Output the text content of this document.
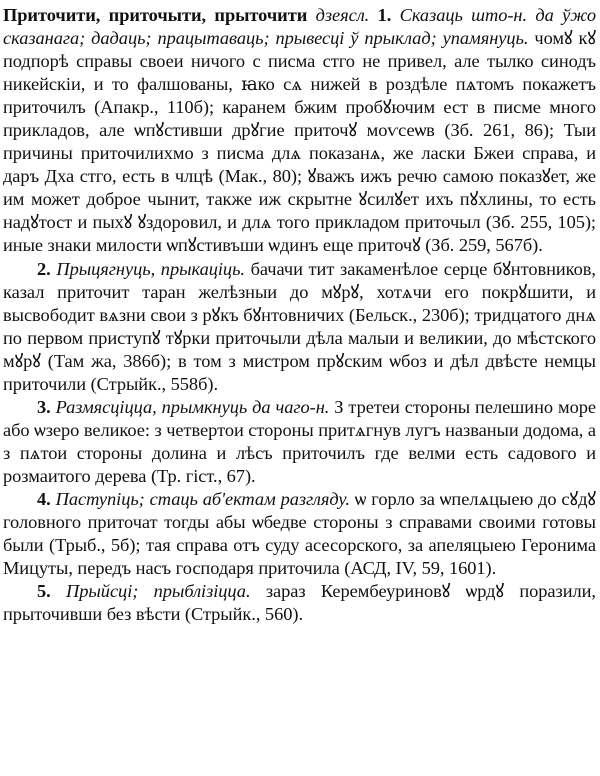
Приточити, приточыти, прыточити дзеясл. 1. Сказаць што-н. да ўжо сказанага; дадаць; працытаваць; прывесці ў прыклад; упамянуць. чомꙋ кꙋ подпорѣ справы своеи ничого с писма стго не привел, але тылко синодъ никейскіи, и то фалшованы, ꙗко сѧ нижей в роздѣле пѧтомъ покажетъ приточилъ (Апакр., 110б); каранем бжим пробꙋючим ест в писме много прикладов, але ѡпꙋстивши дрꙋгие приточꙋ моѵсеѡв (Зб. 261, 86); Тыи причины приточилихмо з писма длѧ показанѧ, же ласки Бжеи справа, и даръ Дха стго, есть в члцѣ (Мак., 80); ꙋважъ ижъ речю самою показꙋет, же им может доброе чынит, также иж скрытне ꙋсилꙋет ихъ пꙋхлины, то есть надꙋтост и пыхꙋ ꙋздоровил, и длѧ того прикладом приточыл (Зб. 255, 105); иные знаки милости ѡпꙋстивъши ѡдинъ еще приточꙋ (Зб. 259, 567б).

2. Прыцягнуць, прыкаціць. бачачи тит закаменѣлое серце бꙋнтовников, казал приточит таран желѣзныи до мꙋрꙋ, хотѧчи его покрꙋшити, и высвободит вѧзни свои з рꙋкъ бꙋнтовничих (Бельск., 230б); тридцатого днѧ по первом приступꙋ тꙋрки приточыли дѣла малыи и великии, до мѣстского мꙋрꙋ (Там жа, 386б); в том з мистром прꙋским ѡбоз и дѣл двѣсте немцы приточили (Стрыйк., 558б).

3. Размясціцца, прымкнуць да чаго-н. З третеи стороны пелешино море або ѡзеро великое: з четвертои стороны притѧгнув лугъ названыи додома, а з пѧтои стороны долина и лѣсъ приточилъ где велми есть садового и розмаитого дерева (Тр. гіст., 67).

4. Паступіць; стаць аб'ектам разгляду. ѡ горло за ѡпелѧцыею до сꙋдꙋ головного приточат тогды абы ѡбедве стороны з справами своими готовы были (Трыб., 5б); тая справа отъ суду асесорского, за апеляцыею Геронима Мицуты, передъ насъ господаря приточила (АСД, IV, 59, 1601).

5. Прыйсці; прыблізіцца. зараз Керембеуриновꙋ ѡрдꙋ поразили, прыточивши без вѣсти (Стрыйк., 560).
